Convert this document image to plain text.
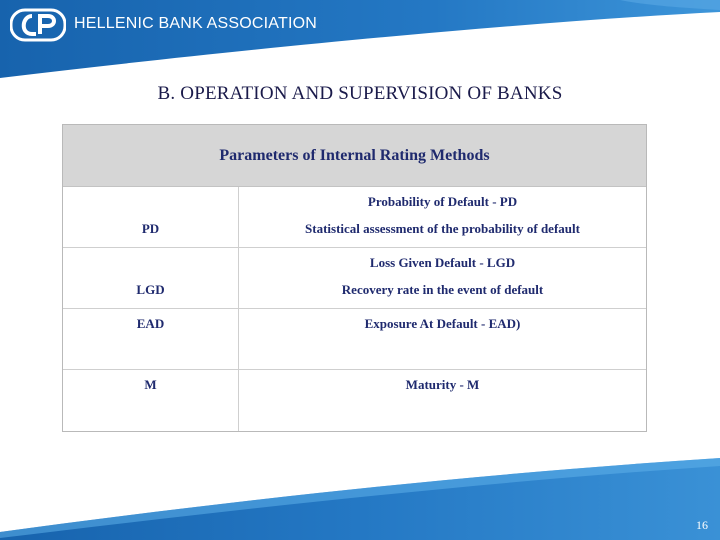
HELLENIC BANK ASSOCIATION
B. OPERATION AND SUPERVISION OF BANKS
Parameters of Internal Rating Methods
PD
Probability of Default - PD
Statistical assessment of the probability of default
LGD
Loss Given Default - LGD
Recovery rate in the event of default
EAD	Exposure At Default - EAD)
M	Maturity - M
16
